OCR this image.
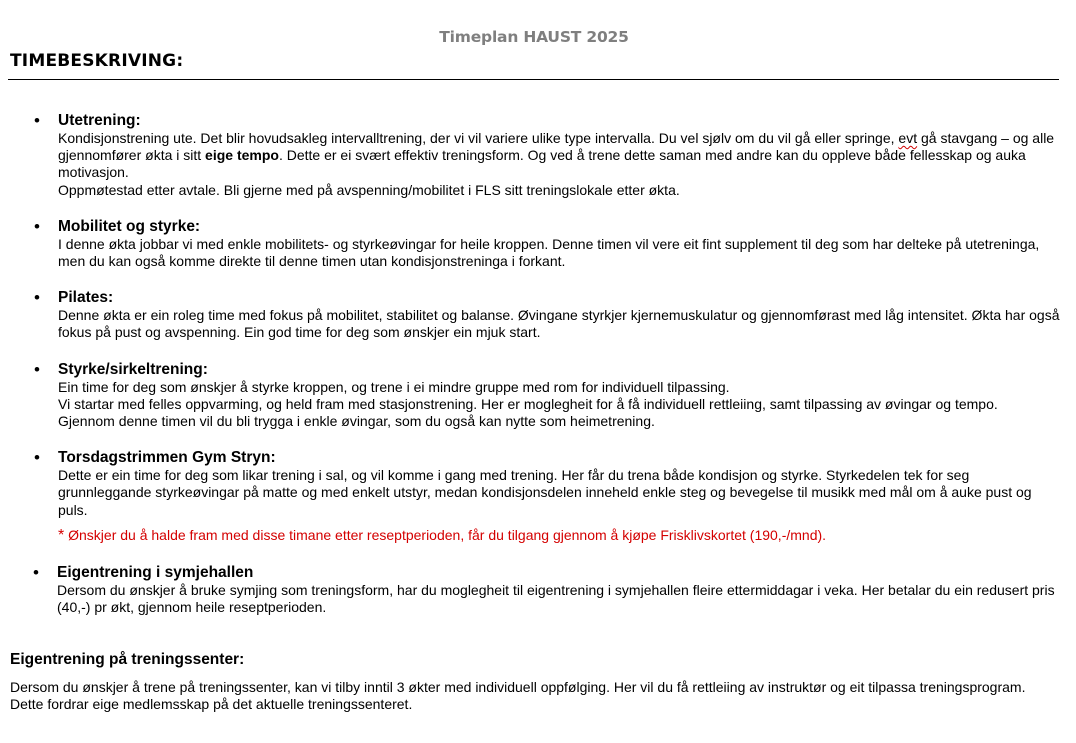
Timeplan HAUST 2025
TIMEBESKRIVING:
• Utetrening:
Kondisjonstrening ute. Det blir hovudsakleg intervalltrening, der vi vil variere ulike type intervalla. Du vel sjølv om du vil gå eller springe, evt gå stavgang – og alle gjennomfører økta i sitt eige tempo. Dette er ei svært effektiv treningsform. Og ved å trene dette saman med andre kan du oppleve både fellesskap og auka motivasjon.
Oppmøtestad etter avtale. Bli gjerne med på avspenning/mobilitet i FLS sitt treningslokale etter økta.
• Mobilitet og styrke:
I denne økta jobbar vi med enkle mobilitets- og styrkeøvingar for heile kroppen. Denne timen vil vere eit fint supplement til deg som har delteke på utetreninga, men du kan også komme direkte til denne timen utan kondisjonstreninga i forkant.
• Pilates:
Denne økta er ein roleg time med fokus på mobilitet, stabilitet og balanse. Øvingane styrkjer kjernemuskulatur og gjennomførast med låg intensitet. Økta har også fokus på pust og avspenning. Ein god time for deg som ønskjer ein mjuk start.
• Styrke/sirkeltrening:
Ein time for deg som ønskjer å styrke kroppen, og trene i ei mindre gruppe med rom for individuell tilpassing.
Vi startar med felles oppvarming, og held fram med stasjonstrening. Her er moglegheit for å få individuell rettleiing, samt tilpassing av øvingar og tempo.
Gjennom denne timen vil du bli trygga i enkle øvingar, som du også kan nytte som heimetrening.
• Torsdagstrimmen Gym Stryn:
Dette er ein time for deg som likar trening i sal, og vil komme i gang med trening. Her får du trena både kondisjon og styrke. Styrkedelen tek for seg grunnleggande styrkeøvingar på matte og med enkelt utstyr, medan kondisjonsdelen inneheld enkle steg og bevegelse til musikk med mål om å auke pust og puls.
* Ønskjer du å halde fram med disse timane etter reseptperioden, får du tilgang gjennom å kjøpe Frisklivskortet (190,-/mnd).
• Eigentrening i symjehallen
Dersom du ønskjer å bruke symjing som treningsform, har du moglegheit til eigentrening i symjehallen fleire ettermiddagar i veka. Her betalar du ein redusert pris (40,-) pr økt, gjennom heile reseptperioden.
Eigentrening på treningssenter:
Dersom du ønskjer å trene på treningssenter, kan vi tilby inntil 3 økter med individuell oppfølging. Her vil du få rettleiing av instruktør og eit tilpassa treningsprogram. Dette fordrar eige medlemsskap på det aktuelle treningssenteret.
